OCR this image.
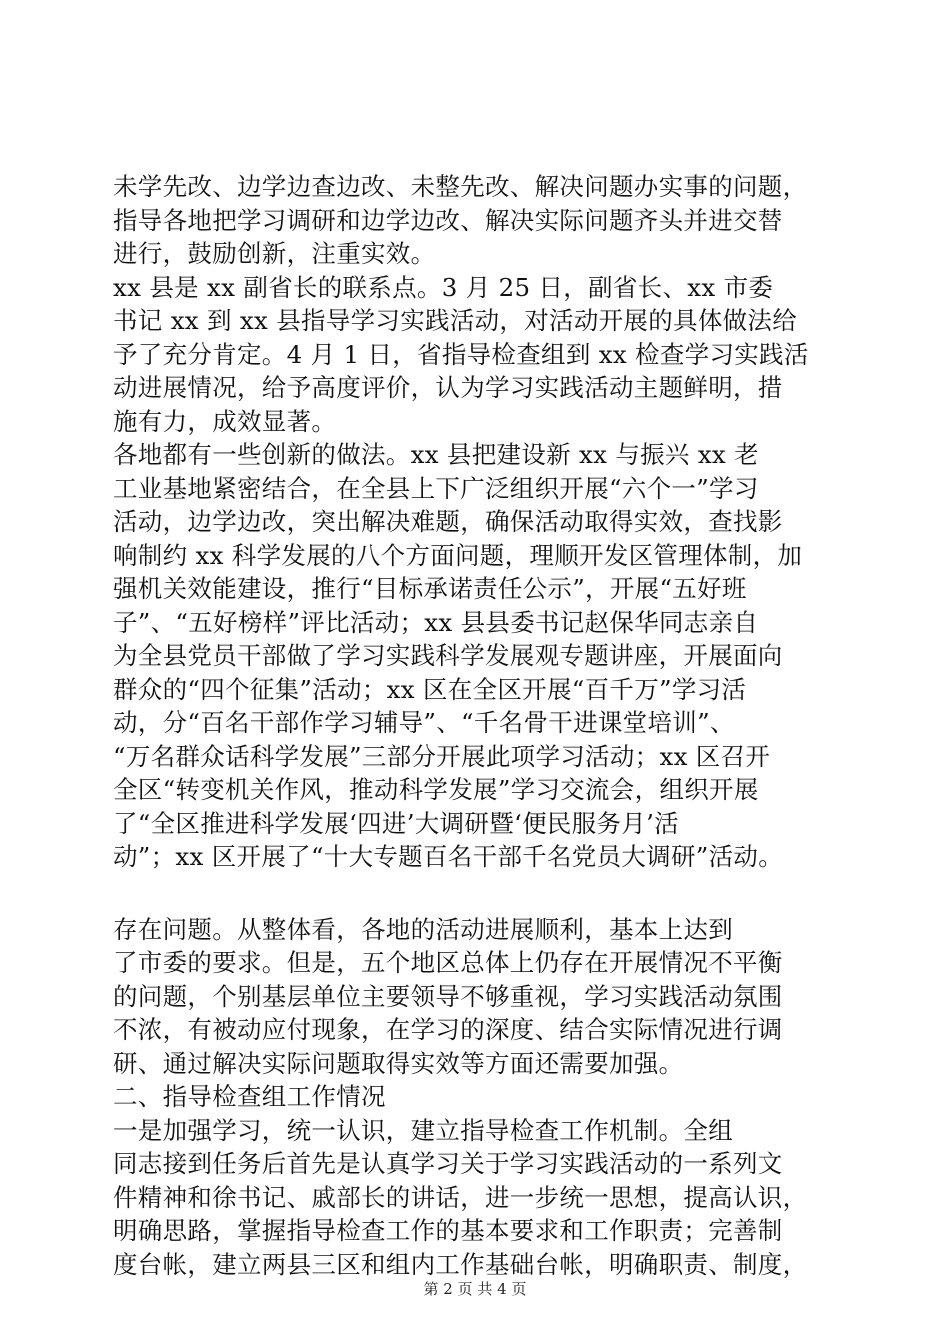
未学先改、边学边查边改、未整先改、解决问题办实事的问题，
指导各地把学习调研和边学边改、解决实际问题齐头并进交替
进行，鼓励创新，注重实效。
xx 县是 xx 副省长的联系点。3 月 25 日，副省长、xx 市委
书记 xx 到 xx 县指导学习实践活动，对活动开展的具体做法给
予了充分肯定。4 月 1 日，省指导检查组到 xx 检查学习实践活
动进展情况，给予高度评价，认为学习实践活动主题鲜明，措
施有力，成效显著。
各地都有一些创新的做法。xx 县把建设新 xx 与振兴 xx 老
工业基地紧密结合，在全县上下广泛组织开展“六个一”学习
活动，边学边改，突出解决难题，确保活动取得实效，查找影
响制约 xx 科学发展的八个方面问题，理顺开发区管理体制，加
强机关效能建设，推行“目标承诺责任公示”，开展“五好班
子”、“五好榜样”评比活动；xx 县县委书记赵保华同志亲自
为全县党员干部做了学习实践科学发展观专题讲座，开展面向
群众的“四个征集”活动；xx 区在全区开展“百千万”学习活
动，分“百名干部作学习辅导”、“千名骨干进课堂培训”、
“万名群众话科学发展”三部分开展此项学习活动；xx 区召开
全区“转变机关作风，推动科学发展”学习交流会，组织开展
了“全区推进科学发展‘四进’大调研暨‘便民服务月’活
动”；xx 区开展了“十大专题百名干部千名党员大调研”活动。
存在问题。从整体看，各地的活动进展顺利，基本上达到
了市委的要求。但是，五个地区总体上仍存在开展情况不平衡
的问题，个别基层单位主要领导不够重视，学习实践活动氛围
不浓，有被动应付现象，在学习的深度、结合实际情况进行调
研、通过解决实际问题取得实效等方面还需要加强。
二、指导检查组工作情况
一是加强学习，统一认识，建立指导检查工作机制。全组
同志接到任务后首先是认真学习关于学习实践活动的一系列文
件精神和徐书记、戚部长的讲话，进一步统一思想，提高认识，
明确思路，掌握指导检查工作的基本要求和工作职责；完善制
度台帐，建立两县三区和组内工作基础台帐，明确职责、制度，
第 2 页 共 4 页
